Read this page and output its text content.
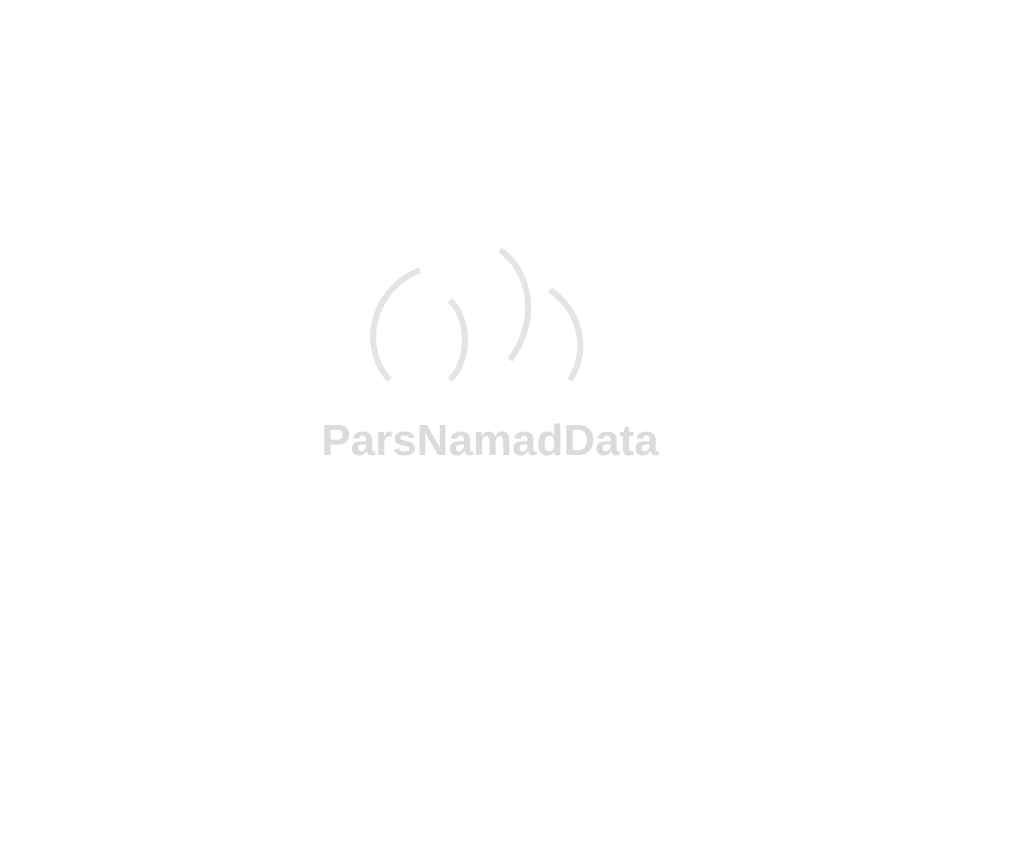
ParsNamadData
